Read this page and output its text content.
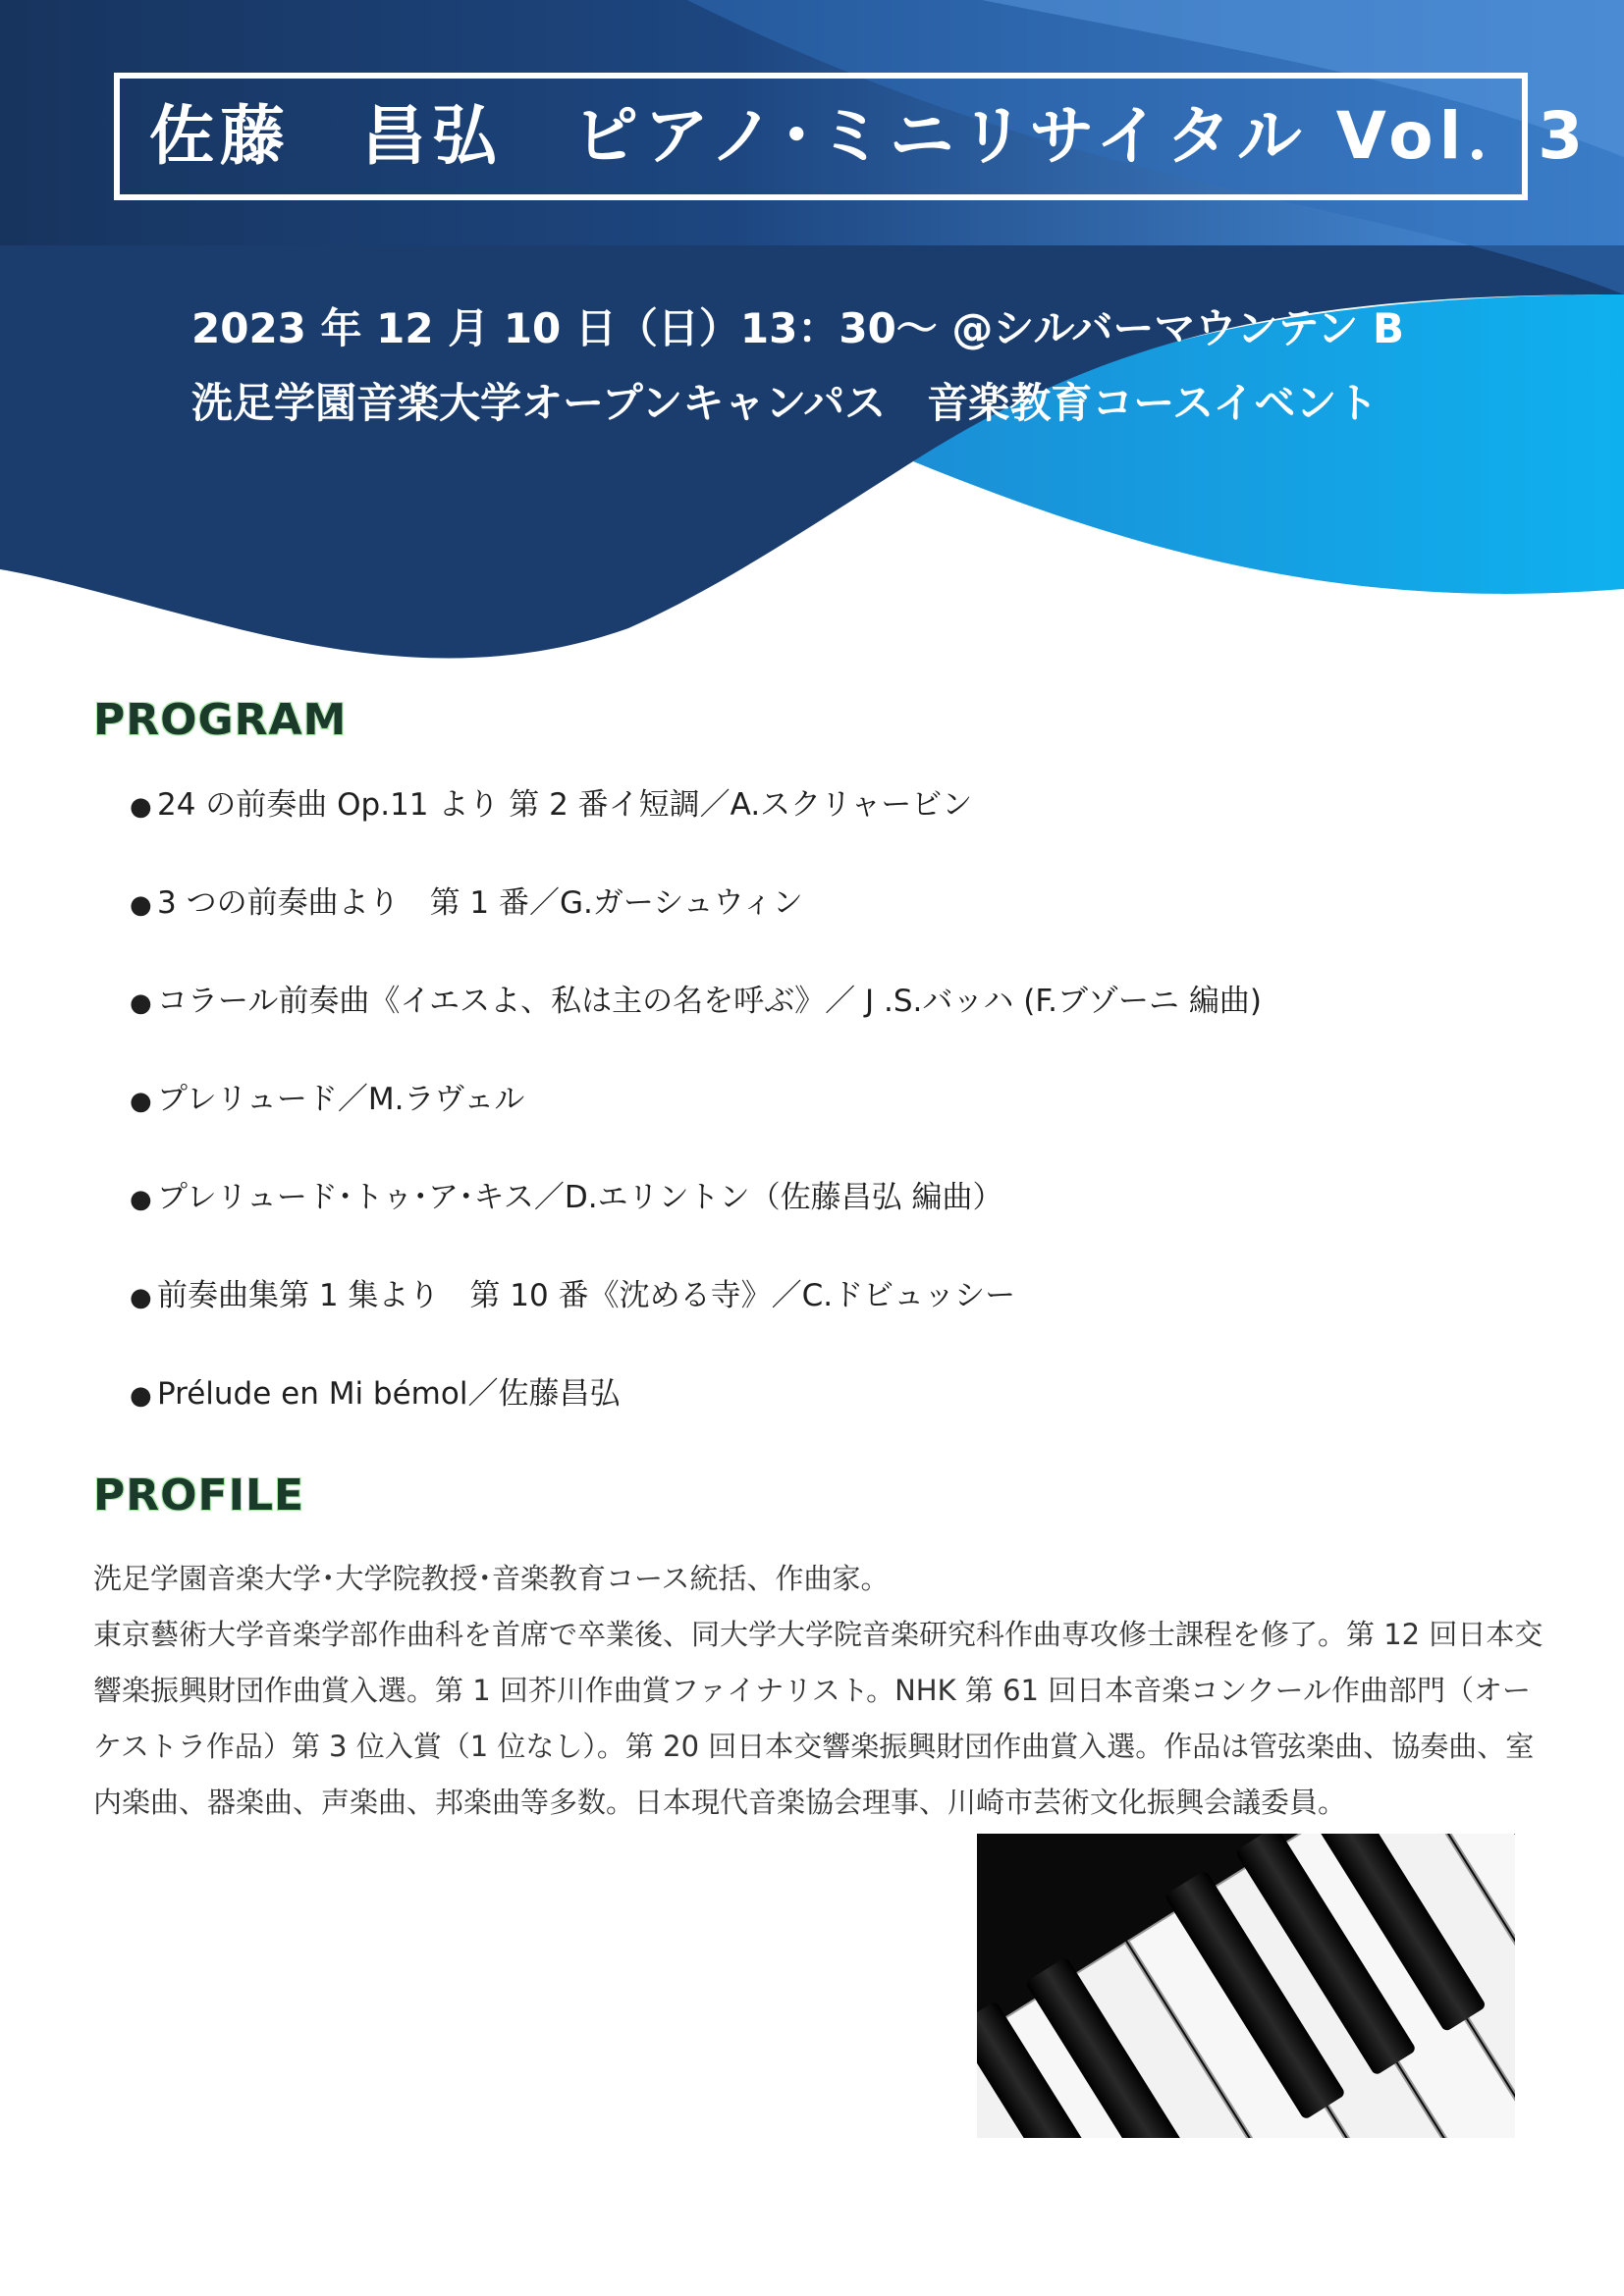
佐藤　昌弘　ピアノ･ミニリサイタル Vol．3
2023 年 12 月 10 日（日）13：30～ @シルバーマウンテン B
洗足学園音楽大学オープンキャンパス　音楽教育コースイベント
PROGRAM
● 24 の前奏曲 Op.11 より 第 2 番イ短調／A.スクリャービン
● 3 つの前奏曲より　第 1 番／G.ガーシュウィン
● コラール前奏曲《イエスよ、私は主の名を呼ぶ》／ J .S.バッハ (F.ブゾーニ 編曲)
● プレリュード／M.ラヴェル
● プレリュード･トゥ･ア･キス／D.エリントン（佐藤昌弘 編曲）
● 前奏曲集第 1 集より　第 10 番《沈める寺》／C.ドビュッシー
● Prélude en Mi bémol／佐藤昌弘
PROFILE

洗足学園音楽大学･大学院教授･音楽教育コース統括、作曲家。

東京藝術大学音楽学部作曲科を首席で卒業後、同大学大学院音楽研究科作曲専攻修士課程を修了。第 12 回日本交響楽振興財団作曲賞入選。第 1 回芥川作曲賞ファイナリスト。NHK 第 61 回日本音楽コンクール作曲部門（オーケストラ作品）第 3 位入賞（1 位なし）。第 20 回日本交響楽振興財団作曲賞入選。作品は管弦楽曲、協奏曲、室内楽曲、器楽曲、声楽曲、邦楽曲等多数。日本現代音楽協会理事、川崎市芸術文化振興会議委員。
